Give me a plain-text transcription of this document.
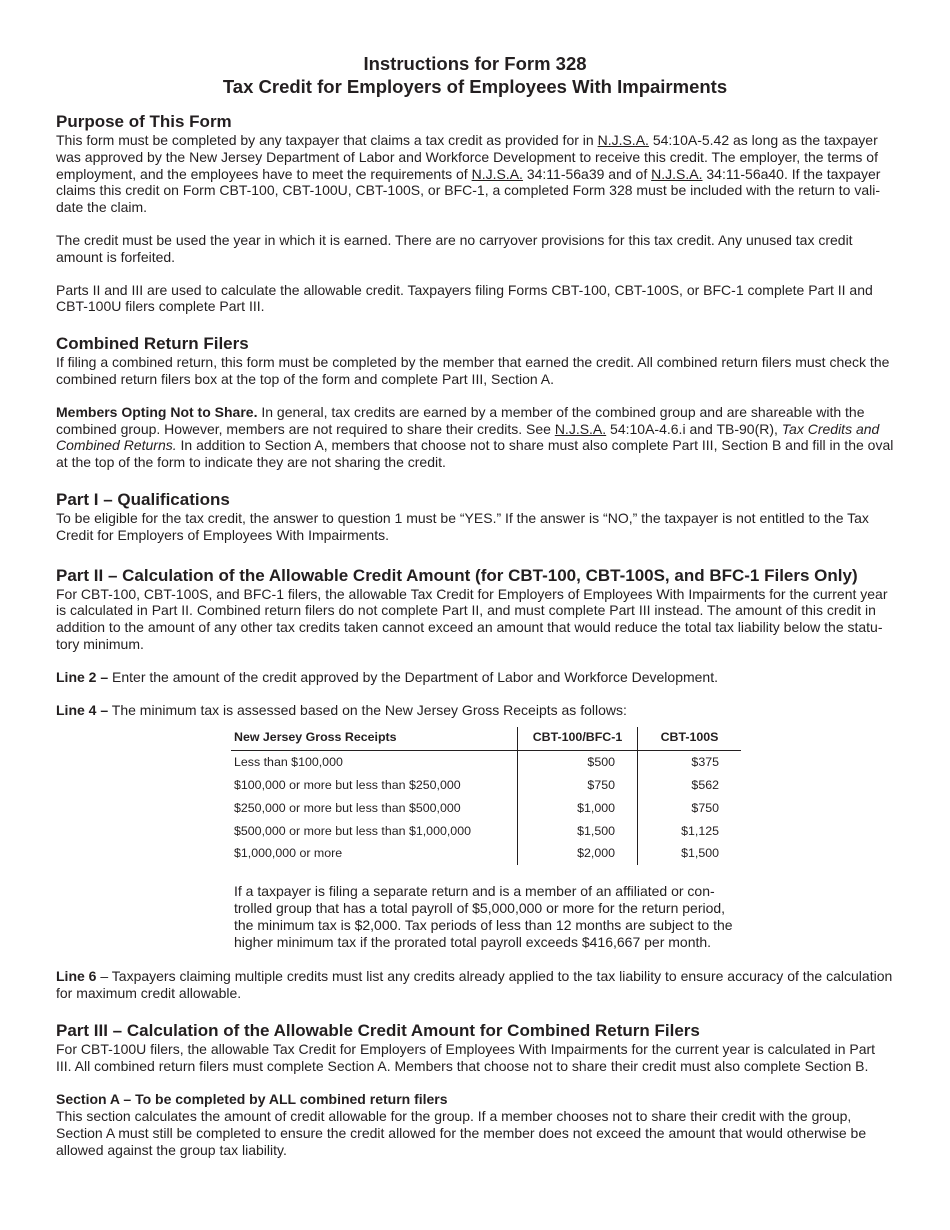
Instructions for Form 328
Tax Credit for Employers of Employees With Impairments
Purpose of This Form

This form must be completed by any taxpayer that claims a tax credit as provided for in N.J.S.A. 54:10A-5.42 as long as the taxpayer was approved by the New Jersey Department of Labor and Workforce Development to receive this credit. The employer, the terms of employment, and the employees have to meet the requirements of N.J.S.A. 34:11-56a39 and of N.J.S.A. 34:11-56a40. If the taxpayer claims this credit on Form CBT-100, CBT-100U, CBT-100S, or BFC-1, a completed Form 328 must be included with the return to vali-date the claim.

The credit must be used the year in which it is earned. There are no carryover provisions for this tax credit. Any unused tax credit amount is forfeited.

Parts II and III are used to calculate the allowable credit. Taxpayers filing Forms CBT-100, CBT-100S, or BFC-1 complete Part II and CBT-100U filers complete Part III.

Combined Return Filers

If filing a combined return, this form must be completed by the member that earned the credit. All combined return filers must check the combined return filers box at the top of the form and complete Part III, Section A.

Members Opting Not to Share. In general, tax credits are earned by a member of the combined group and are shareable with the combined group. However, members are not required to share their credits. See N.J.S.A. 54:10A-4.6.i and TB-90(R), Tax Credits and Combined Returns. In addition to Section A, members that choose not to share must also complete Part III, Section B and fill in the oval at the top of the form to indicate they are not sharing the credit.

Part I – Qualifications

To be eligible for the tax credit, the answer to question 1 must be “YES.” If the answer is “NO,” the taxpayer is not entitled to the Tax Credit for Employers of Employees With Impairments.

Part II – Calculation of the Allowable Credit Amount (for CBT-100, CBT-100S, and BFC-1 Filers Only)

For CBT-100, CBT-100S, and BFC-1 filers, the allowable Tax Credit for Employers of Employees With Impairments for the current year is calculated in Part II. Combined return filers do not complete Part II, and must complete Part III instead. The amount of this credit in addition to the amount of any other tax credits taken cannot exceed an amount that would reduce the total tax liability below the statu-tory minimum.

Line 2 – Enter the amount of the credit approved by the Department of Labor and Workforce Development.

Line 4 – The minimum tax is assessed based on the New Jersey Gross Receipts as follows:

New Jersey Gross Receipts	CBT-100/BFC-1	CBT-100S
Less than $100,000	$500	$375
$100,000 or more but less than $250,000	$750	$562
$250,000 or more but less than $500,000	$1,000	$750
$500,000 or more but less than $1,000,000	$1,500	$1,125
$1,000,000 or more	$2,000	$1,500

If a taxpayer is filing a separate return and is a member of an affiliated or con-trolled group that has a total payroll of $5,000,000 or more for the return period, the minimum tax is $2,000. Tax periods of less than 12 months are subject to the higher minimum tax if the prorated total payroll exceeds $416,667 per month.

Line 6 – Taxpayers claiming multiple credits must list any credits already applied to the tax liability to ensure accuracy of the calculation for maximum credit allowable.

Part III – Calculation of the Allowable Credit Amount for Combined Return Filers

For CBT-100U filers, the allowable Tax Credit for Employers of Employees With Impairments for the current year is calculated in Part III. All combined return filers must complete Section A. Members that choose not to share their credit must also complete Section B.

Section A – To be completed by ALL combined return filers

This section calculates the amount of credit allowable for the group. If a member chooses not to share their credit with the group, Section A must still be completed to ensure the credit allowed for the member does not exceed the amount that would otherwise be allowed against the group tax liability.
